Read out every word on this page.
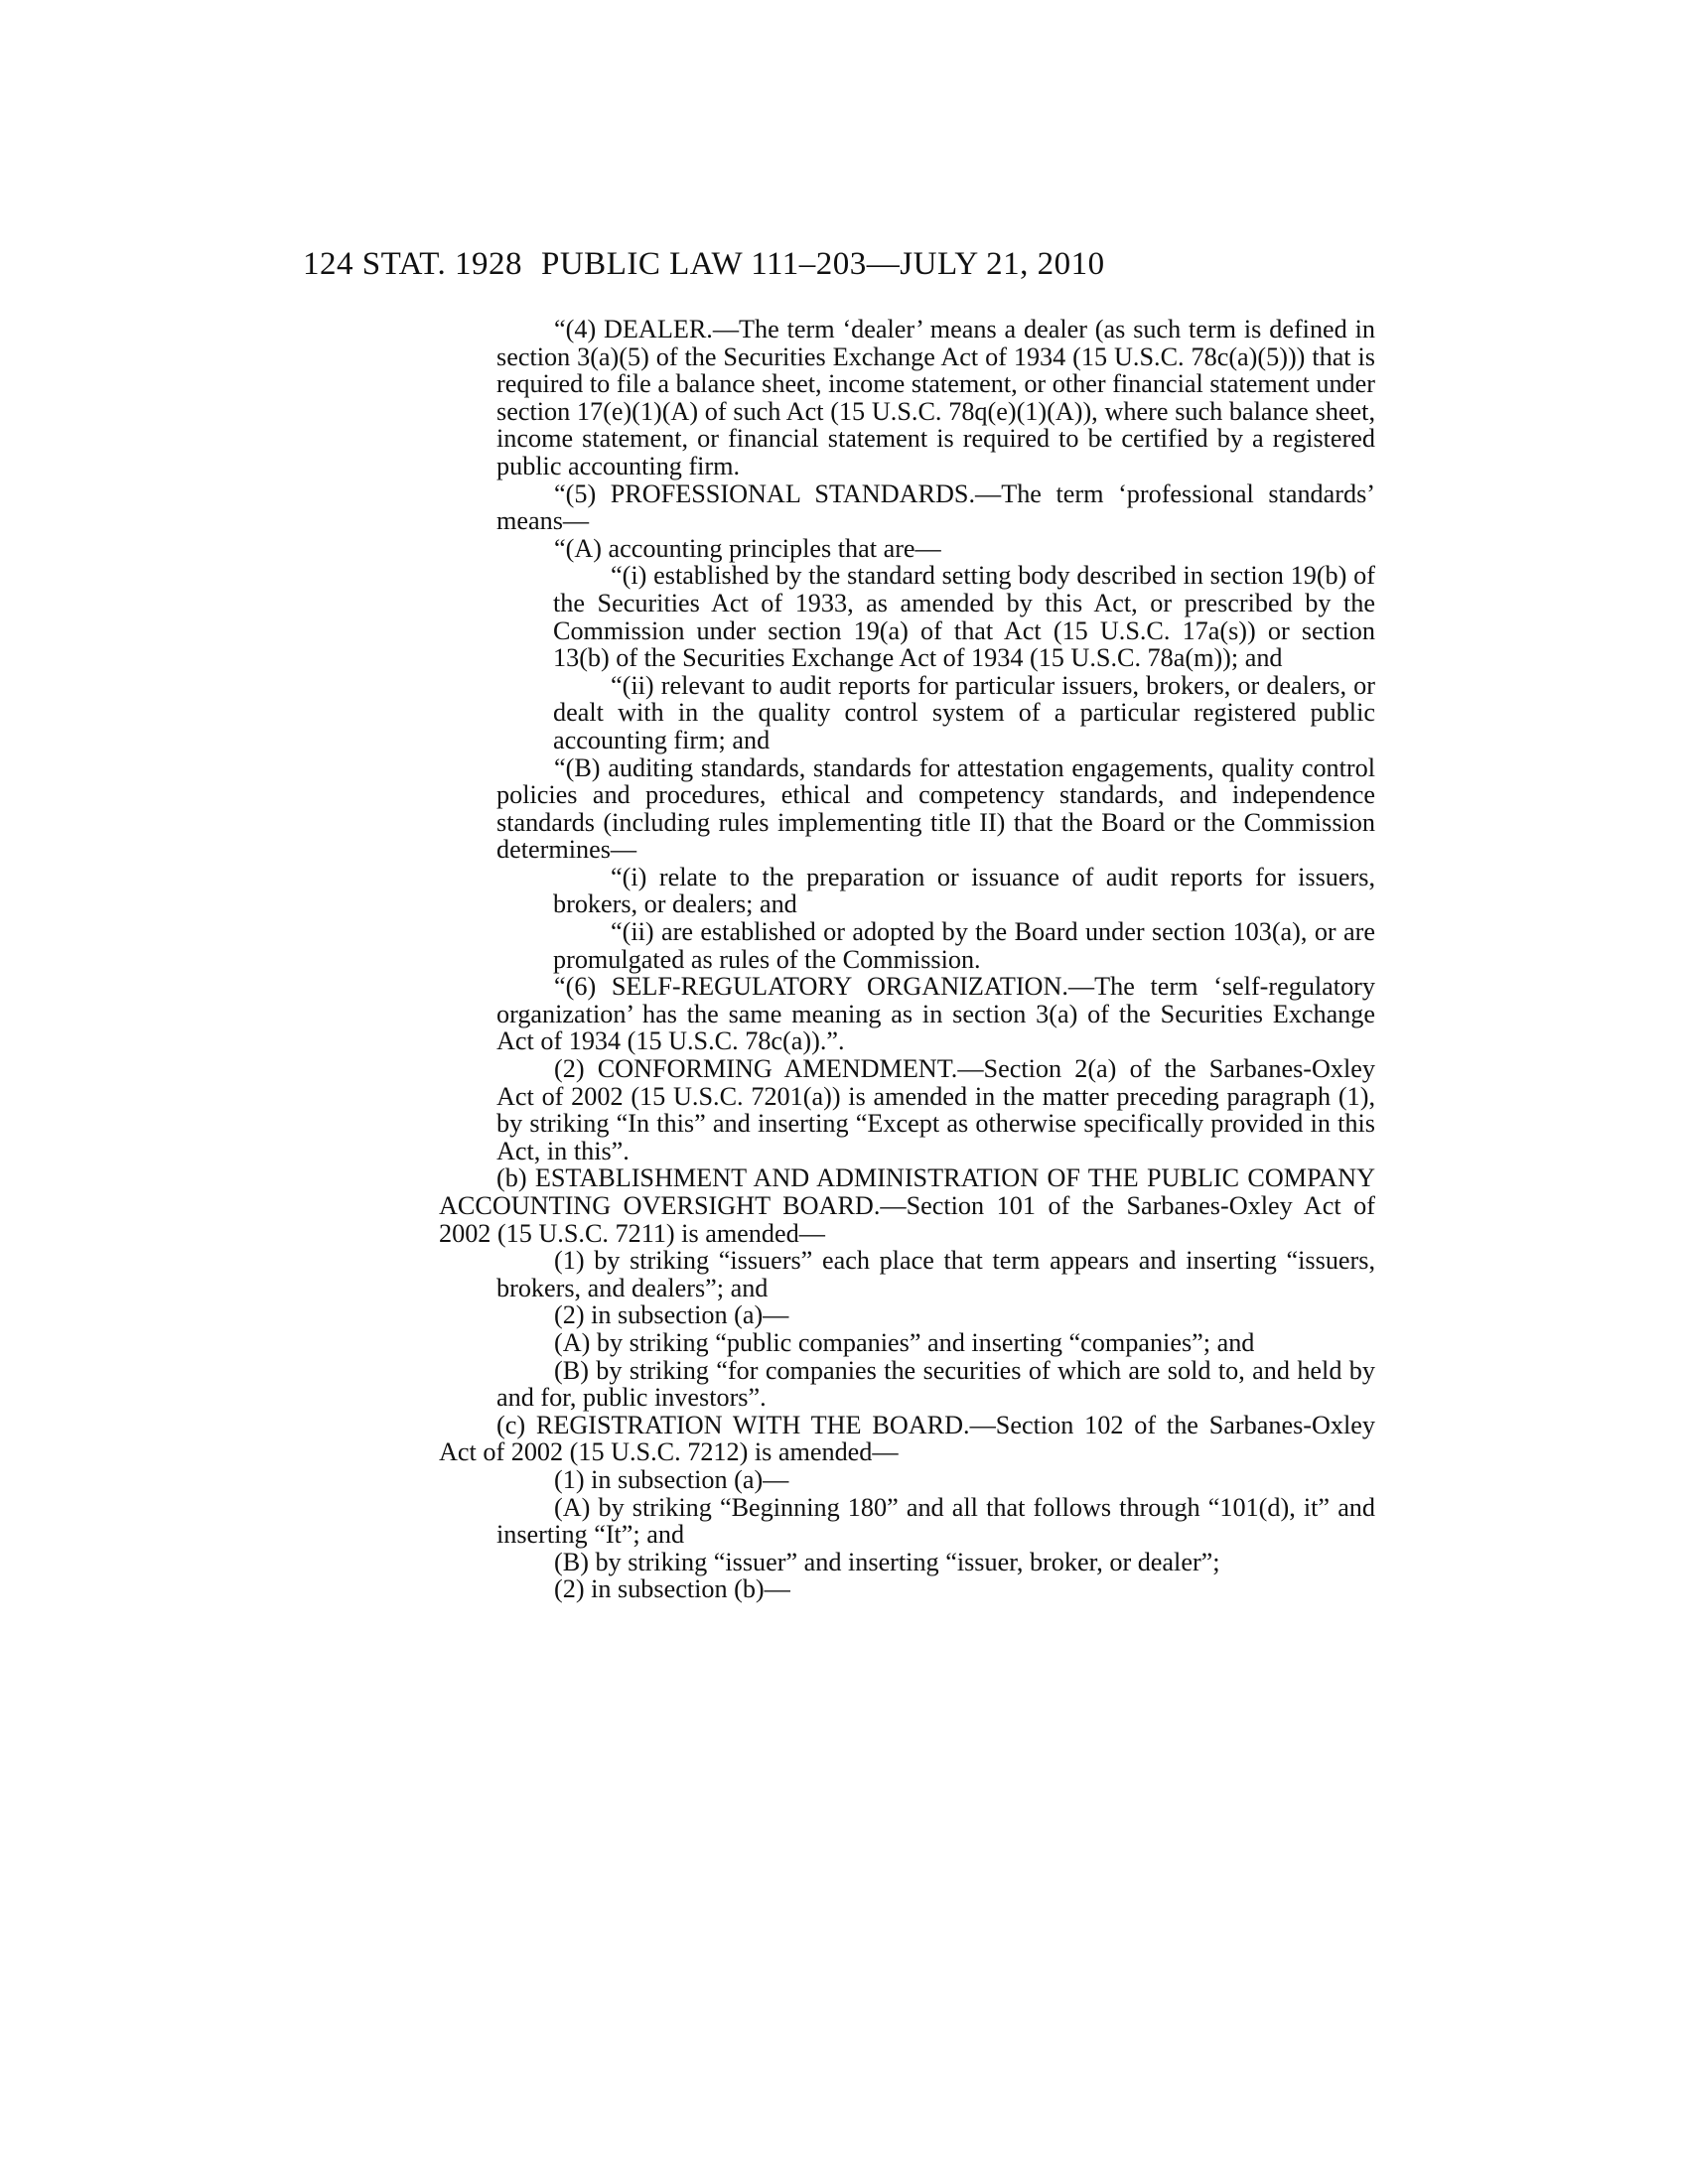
124 STAT. 1928 PUBLIC LAW 111–203—JULY 21, 2010

“(4) DEALER.—The term ‘dealer’ means a dealer (as such term is defined in section 3(a)(5) of the Securities Exchange Act of 1934 (15 U.S.C. 78c(a)(5))) that is required to file a balance sheet, income statement, or other financial statement under section 17(e)(1)(A) of such Act (15 U.S.C. 78q(e)(1)(A)), where such balance sheet, income statement, or financial statement is required to be certified by a registered public accounting firm.

“(5) PROFESSIONAL STANDARDS.—The term ‘professional standards’ means—

“(A) accounting principles that are—

“(i) established by the standard setting body described in section 19(b) of the Securities Act of 1933, as amended by this Act, or prescribed by the Commission under section 19(a) of that Act (15 U.S.C. 17a(s)) or section 13(b) of the Securities Exchange Act of 1934 (15 U.S.C. 78a(m)); and

“(ii) relevant to audit reports for particular issuers, brokers, or dealers, or dealt with in the quality control system of a particular registered public accounting firm; and

“(B) auditing standards, standards for attestation engagements, quality control policies and procedures, ethical and competency standards, and independence standards (including rules implementing title II) that the Board or the Commission determines—

“(i) relate to the preparation or issuance of audit reports for issuers, brokers, or dealers; and

“(ii) are established or adopted by the Board under section 103(a), or are promulgated as rules of the Commission.

“(6) SELF-REGULATORY ORGANIZATION.—The term ‘self-regulatory organization’ has the same meaning as in section 3(a) of the Securities Exchange Act of 1934 (15 U.S.C. 78c(a)).”.

(2) CONFORMING AMENDMENT.—Section 2(a) of the Sarbanes-Oxley Act of 2002 (15 U.S.C. 7201(a)) is amended in the matter preceding paragraph (1), by striking “In this” and inserting “Except as otherwise specifically provided in this Act, in this”.

(b) ESTABLISHMENT AND ADMINISTRATION OF THE PUBLIC COMPANY ACCOUNTING OVERSIGHT BOARD.—Section 101 of the Sarbanes-Oxley Act of 2002 (15 U.S.C. 7211) is amended—

(1) by striking “issuers” each place that term appears and inserting “issuers, brokers, and dealers”; and

(2) in subsection (a)—

(A) by striking “public companies” and inserting “companies”; and

(B) by striking “for companies the securities of which are sold to, and held by and for, public investors”.

(c) REGISTRATION WITH THE BOARD.—Section 102 of the Sarbanes-Oxley Act of 2002 (15 U.S.C. 7212) is amended—

(1) in subsection (a)—

(A) by striking “Beginning 180” and all that follows through “101(d), it” and inserting “It”; and

(B) by striking “issuer” and inserting “issuer, broker, or dealer”;

(2) in subsection (b)—
